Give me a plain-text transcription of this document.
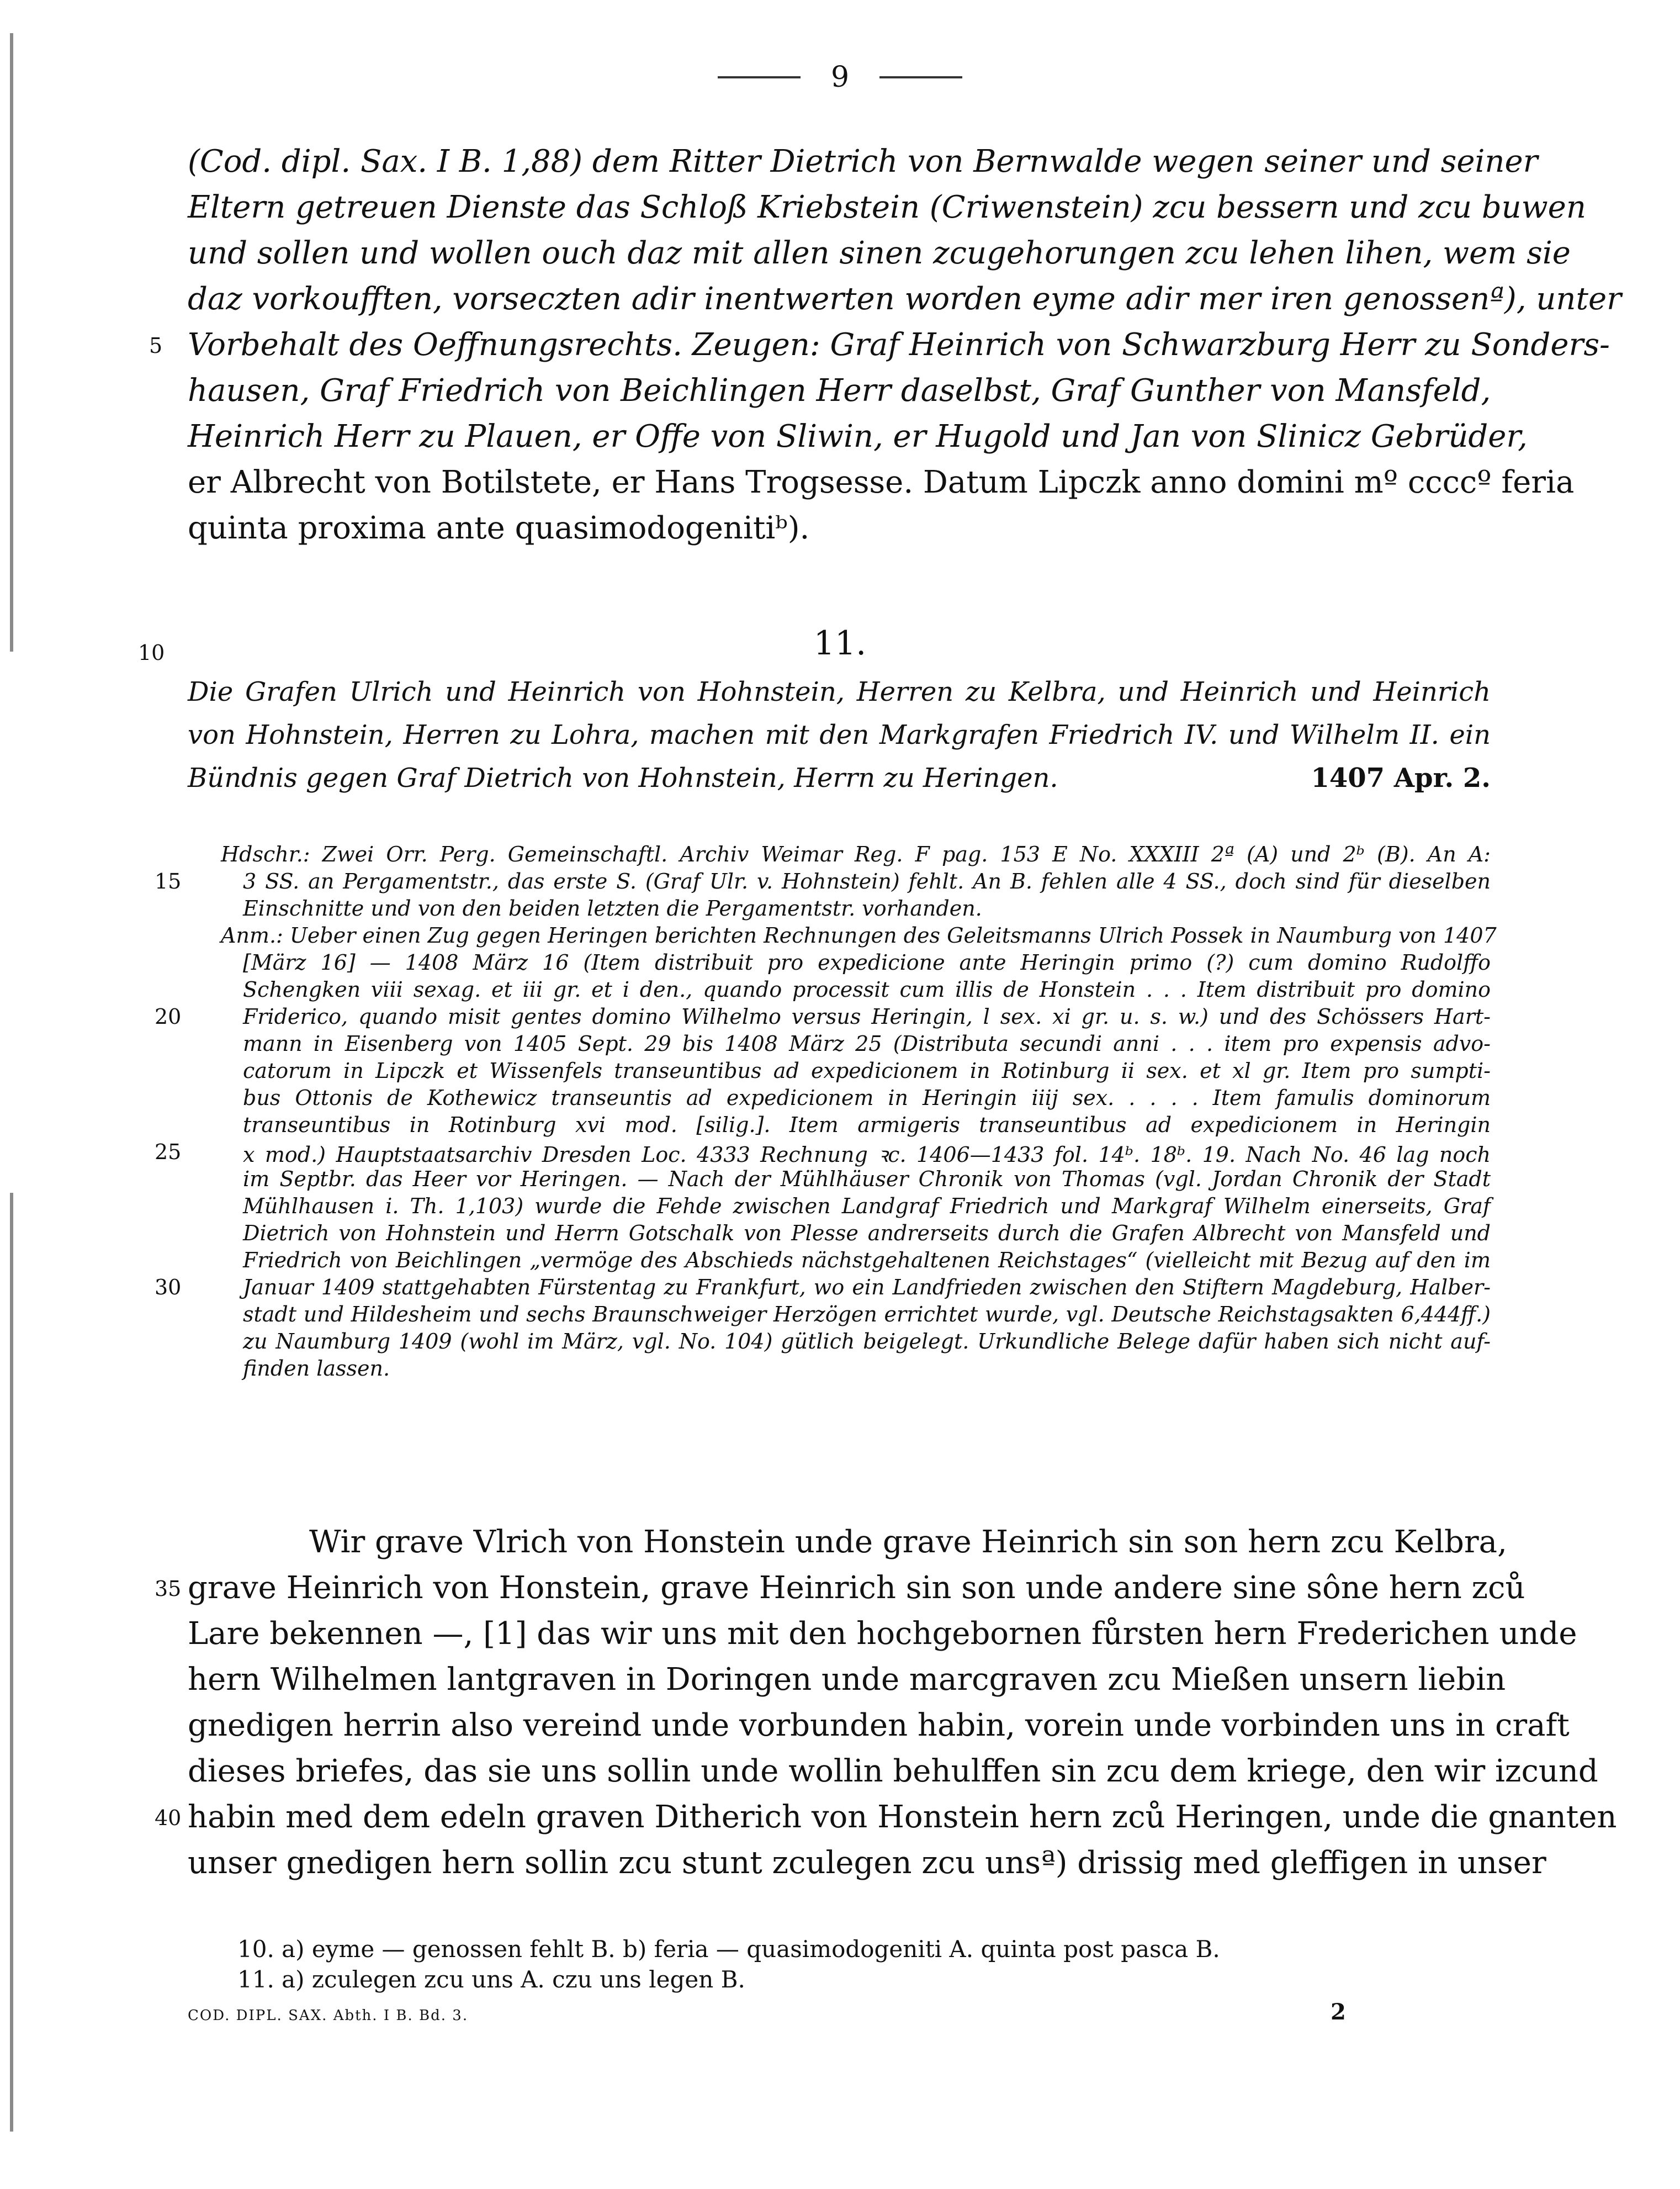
9
(Cod. dipl. Sax. I B. 1,88) dem Ritter Dietrich von Bernwalde wegen seiner und seiner
Eltern getreuen Dienste das Schloß Kriebstein (Criwenstein) zcu bessern und zcu buwen
und sollen und wollen ouch daz mit allen sinen zcugehorungen zcu lehen lihen, wem sie
daz vorkoufften, vorseczten adir inentwerten worden eyme adir mer iren genossenª), unter
Vorbehalt des Oeffnungsrechts. Zeugen: Graf Heinrich von Schwarzburg Herr zu Sonders-
5
hausen, Graf Friedrich von Beichlingen Herr daselbst, Graf Gunther von Mansfeld,
Heinrich Herr zu Plauen, er Offe von Sliwin, er Hugold und Jan von Slinicz Gebrüder,
er Albrecht von Botilstete, er Hans Trogsesse. Datum Lipczk anno domini mº ccccº feria
quinta proxima ante quasimodogenitiᵇ).
10	11.
Die Grafen Ulrich und Heinrich von Hohnstein, Herren zu Kelbra, und Heinrich und Heinrich
von Hohnstein, Herren zu Lohra, machen mit den Markgrafen Friedrich IV. und Wilhelm II. ein
Bündnis gegen Graf Dietrich von Hohnstein, Herrn zu Heringen.	1407 Apr. 2.
Hdschr.: Zwei Orr. Perg. Gemeinschaftl. Archiv Weimar Reg. F pag. 153 E No. XXXIII 2ª (A) und 2ᵇ (B). An A:
3 SS. an Pergamentstr., das erste S. (Graf Ulr. v. Hohnstein) fehlt. An B. fehlen alle 4 SS., doch sind für dieselben
15
Einschnitte und von den beiden letzten die Pergamentstr. vorhanden.
Anm.: Ueber einen Zug gegen Heringen berichten Rechnungen des Geleitsmanns Ulrich Possek in Naumburg von 1407
[März 16] — 1408 März 16 (Item distribuit pro expedicione ante Heringin primo (?) cum domino Rudolffo
Schengken viii sexag. et iii gr. et i den., quando processit cum illis de Honstein . . . Item distribuit pro domino
Friderico, quando misit gentes domino Wilhelmo versus Heringin, l sex. xi gr. u. s. w.) und des Schössers Hart-
20
mann in Eisenberg von 1405 Sept. 29 bis 1408 März 25 (Distributa secundi anni . . . item pro expensis advo-
catorum in Lipczk et Wissenfels transeuntibus ad expedicionem in Rotinburg ii sex. et xl gr. Item pro sumpti-
bus Ottonis de Kothewicz transeuntis ad expedicionem in Heringin iiij sex. . . . . Item famulis dominorum
transeuntibus in Rotinburg xvi mod. [silig.]. Item armigeris transeuntibus ad expedicionem in Heringin
x mod.) Hauptstaatsarchiv Dresden Loc. 4333 Rechnung ꝛc. 1406—1433 fol. 14ᵇ. 18ᵇ. 19. Nach No. 46 lag noch
25
im Septbr. das Heer vor Heringen. — Nach der Mühlhäuser Chronik von Thomas (vgl. Jordan Chronik der Stadt
Mühlhausen i. Th. 1,103) wurde die Fehde zwischen Landgraf Friedrich und Markgraf Wilhelm einerseits, Graf
Dietrich von Hohnstein und Herrn Gotschalk von Plesse andrerseits durch die Grafen Albrecht von Mansfeld und
Friedrich von Beichlingen „vermöge des Abschieds nächstgehaltenen Reichstages“ (vielleicht mit Bezug auf den im
Januar 1409 stattgehabten Fürstentag zu Frankfurt, wo ein Landfrieden zwischen den Stiftern Magdeburg, Halber-
30
stadt und Hildesheim und sechs Braunschweiger Herzögen errichtet wurde, vgl. Deutsche Reichstagsakten 6,444ff.)
zu Naumburg 1409 (wohl im März, vgl. No. 104) gütlich beigelegt. Urkundliche Belege dafür haben sich nicht auf-
finden lassen.
Wir grave Vlrich von Honstein unde grave Heinrich sin son hern zcu Kelbra,
grave Heinrich von Honstein, grave Heinrich sin son unde andere sine sône hern zců
35
Lare bekennen —, [1] das wir uns mit den hochgebornen fůrsten hern Frederichen unde
hern Wilhelmen lantgraven in Doringen unde marcgraven zcu Mießen unsern liebin
gnedigen herrin also vereind unde vorbunden habin, vorein unde vorbinden uns in craft
dieses briefes, das sie uns sollin unde wollin behulffen sin zcu dem kriege, den wir izcund
habin med dem edeln graven Ditherich von Honstein hern zců Heringen, unde die gnanten
40
unser gnedigen hern sollin zcu stunt zculegen zcu unsª) drissig med gleffigen in unser
10. a) eyme — genossen fehlt B. b) feria — quasimodogeniti A. quinta post pasca B.
11. a) zculegen zcu uns A. czu uns legen B.
COD. DIPL. SAX. Abth. I B. Bd. 3.	2
